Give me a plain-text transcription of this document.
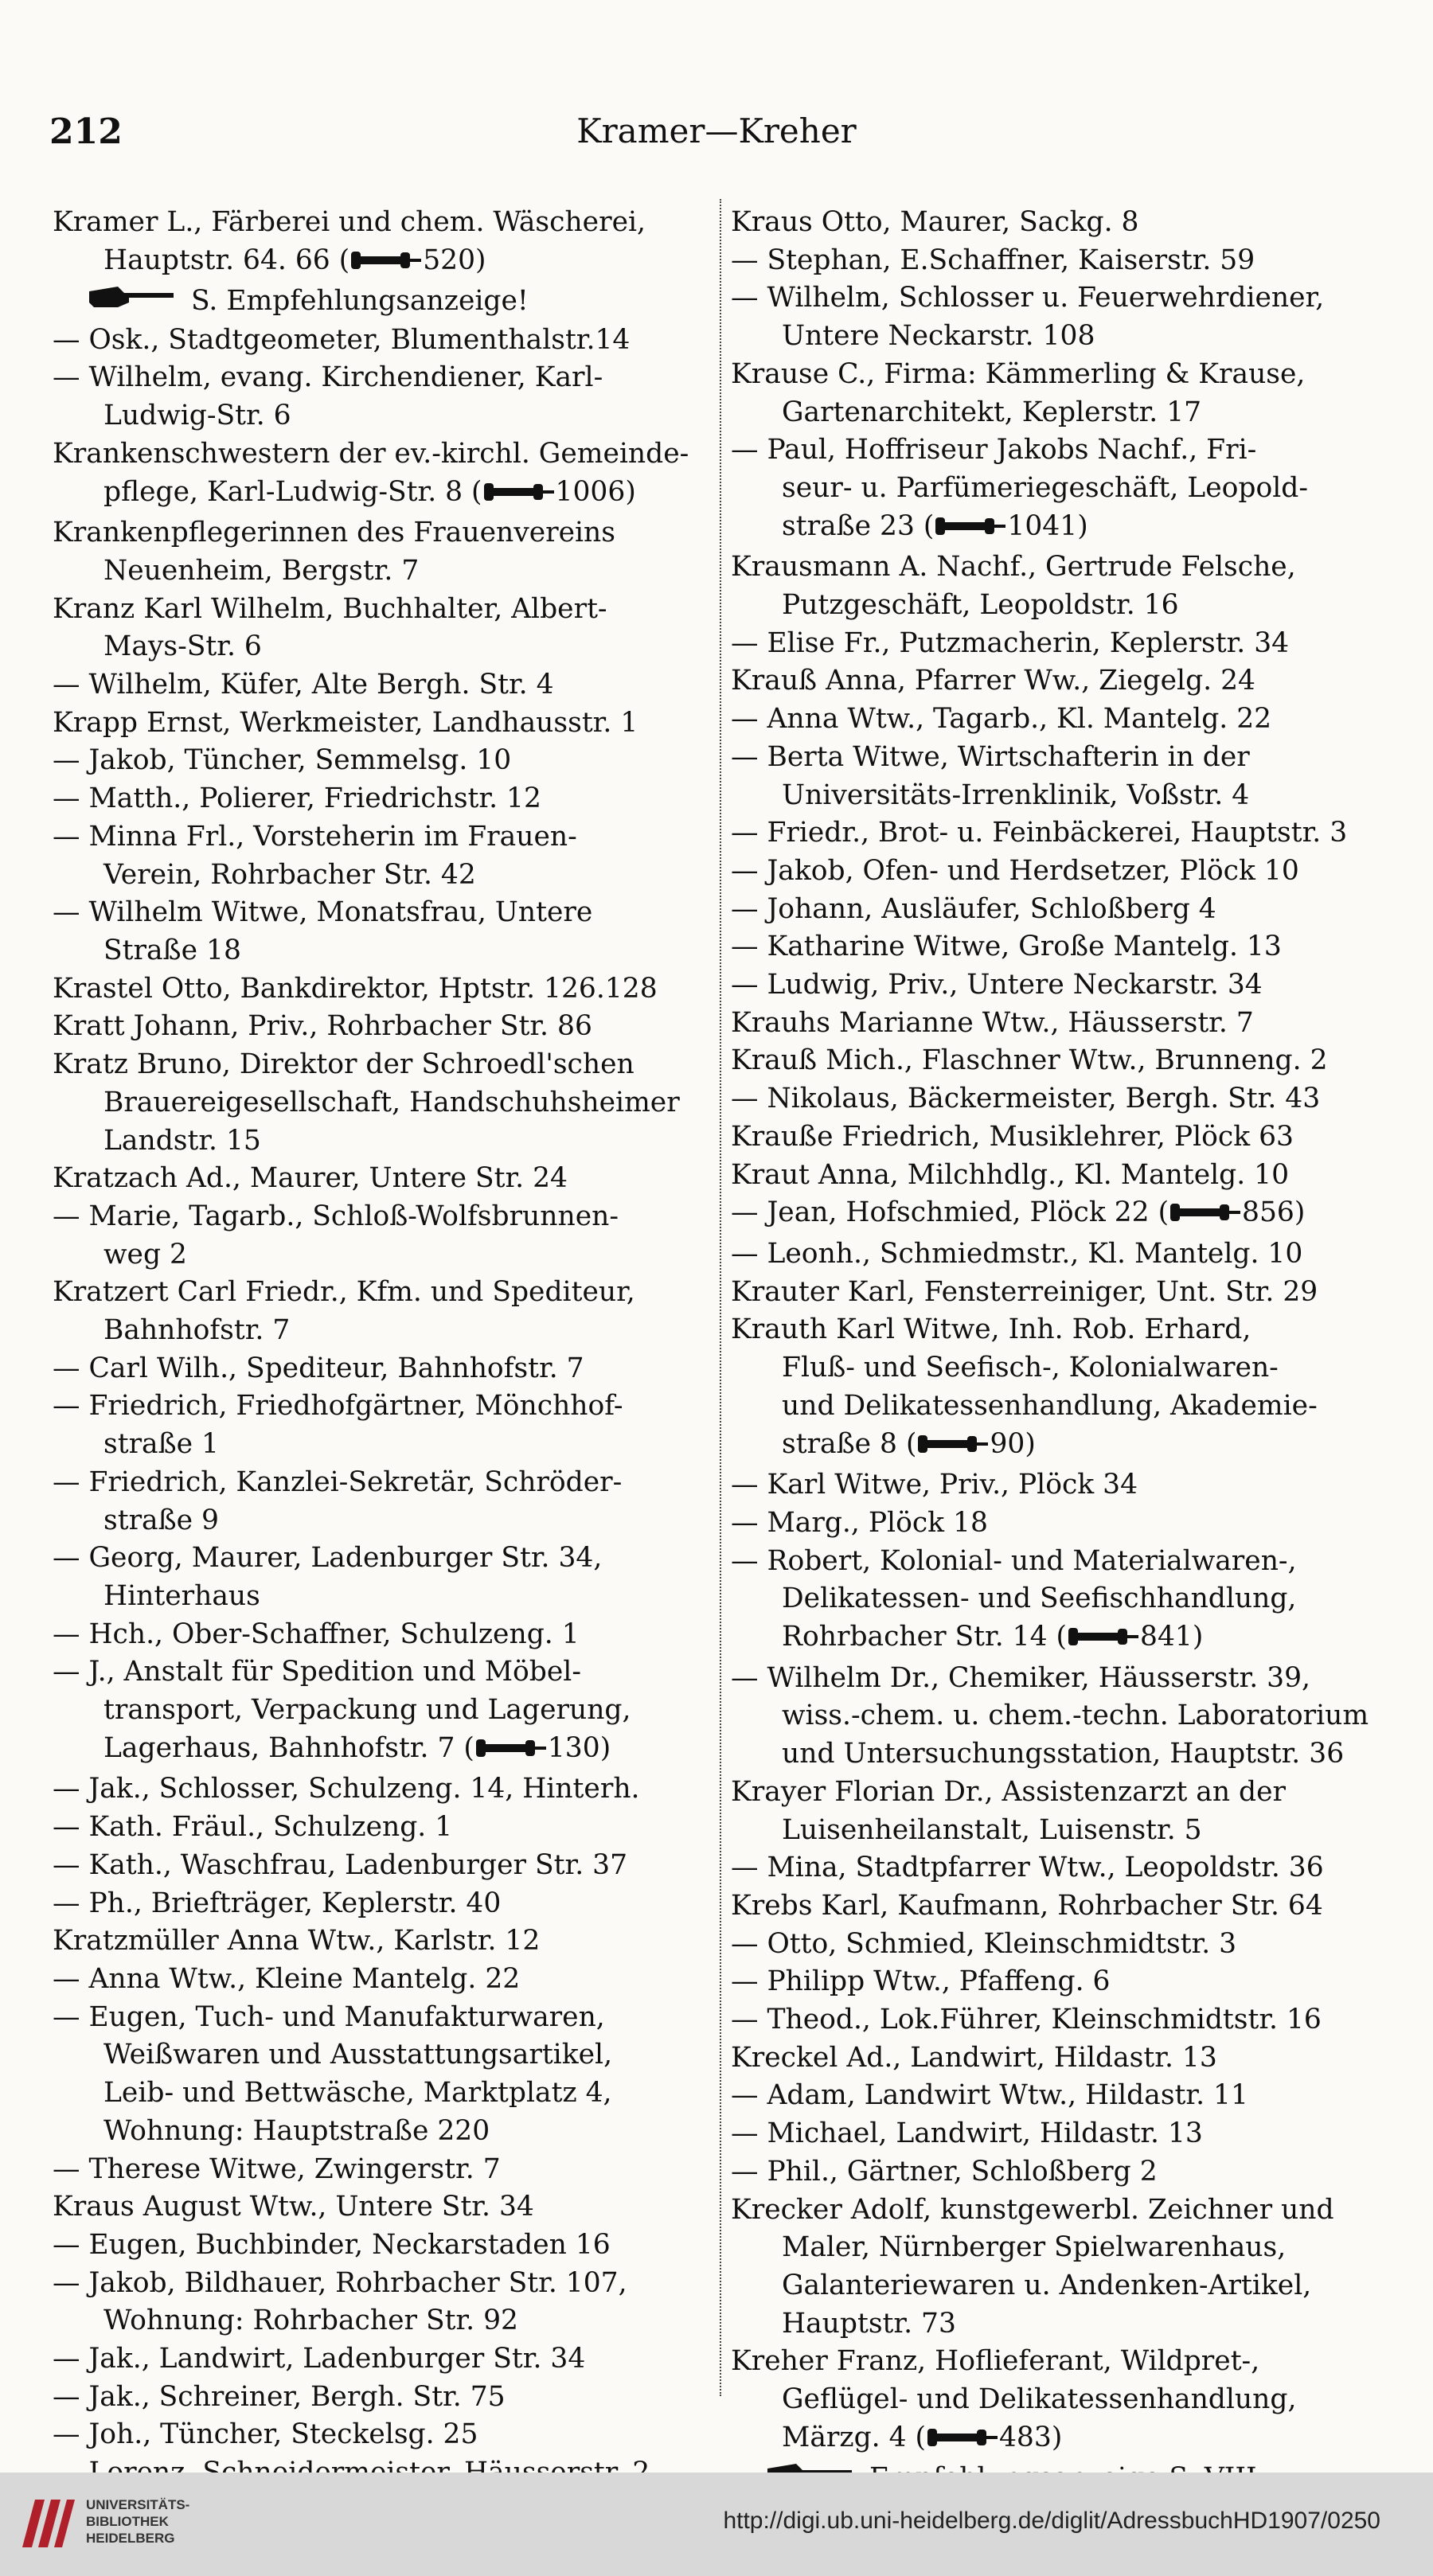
Kramer—Kreher
212
Kramer L., Färberei und chem. Wäscherei,
Hauptstr. 64. 66 (	520)
S. Empfehlungsanzeige!
— Osk., Stadtgeometer, Blumenthalstr.14
— Wilhelm, evang. Kirchendiener, Karl-
Ludwig-Str. 6
Krankenschwestern der ev.-kirchl. Gemeinde-
pflege, Karl-Ludwig-Str. 8 (	1006)
Krankenpflegerinnen des Frauenvereins
Neuenheim, Bergstr. 7
Kranz Karl Wilhelm, Buchhalter, Albert-
Mays-Str. 6
— Wilhelm, Küfer, Alte Bergh. Str. 4
Krapp Ernst, Werkmeister, Landhausstr. 1
— Jakob, Tüncher, Semmelsg. 10
— Matth., Polierer, Friedrichstr. 12
— Minna Frl., Vorsteherin im Frauen-
Verein, Rohrbacher Str. 42
— Wilhelm Witwe, Monatsfrau, Untere
Straße 18
Krastel Otto, Bankdirektor, Hptstr. 126.128
Kratt Johann, Priv., Rohrbacher Str. 86
Kratz Bruno, Direktor der Schroedl'schen
Brauereigesellschaft, Handschuhsheimer
Landstr. 15
Kratzach Ad., Maurer, Untere Str. 24
— Marie, Tagarb., Schloß-Wolfsbrunnen-
weg 2
Kratzert Carl Friedr., Kfm. und Spediteur,
Bahnhofstr. 7
— Carl Wilh., Spediteur, Bahnhofstr. 7
— Friedrich, Friedhofgärtner, Mönchhof-
straße 1
— Friedrich, Kanzlei-Sekretär, Schröder-
straße 9
— Georg, Maurer, Ladenburger Str. 34,
Hinterhaus
— Hch., Ober-Schaffner, Schulzeng. 1
— J., Anstalt für Spedition und Möbel-
transport, Verpackung und Lagerung,
Lagerhaus, Bahnhofstr. 7 (	130)
— Jak., Schlosser, Schulzeng. 14, Hinterh.
— Kath. Fräul., Schulzeng. 1
— Kath., Waschfrau, Ladenburger Str. 37
— Ph., Briefträger, Keplerstr. 40
Kratzmüller Anna Wtw., Karlstr. 12
— Anna Wtw., Kleine Mantelg. 22
— Eugen, Tuch- und Manufakturwaren,
Weißwaren und Ausstattungsartikel,
Leib- und Bettwäsche, Marktplatz 4,
Wohnung: Hauptstraße 220
— Therese Witwe, Zwingerstr. 7
Kraus August Wtw., Untere Str. 34
— Eugen, Buchbinder, Neckarstaden 16
— Jakob, Bildhauer, Rohrbacher Str. 107,
Wohnung: Rohrbacher Str. 92
— Jak., Landwirt, Ladenburger Str. 34
— Jak., Schreiner, Bergh. Str. 75
— Joh., Tüncher, Steckelsg. 25
Kraus Otto, Maurer, Sackg. 8
— Stephan, E.Schaffner, Kaiserstr. 59
— Wilhelm, Schlosser u. Feuerwehrdiener,
Untere Neckarstr. 108
Krause C., Firma: Kämmerling & Krause,
Gartenarchitekt, Keplerstr. 17
— Paul, Hoffriseur Jakobs Nachf., Fri-
seur- u. Parfümeriegeschäft, Leopold-
straße 23 (	1041)
Krausmann A. Nachf., Gertrude Felsche,
Putzgeschäft, Leopoldstr. 16
— Elise Fr., Putzmacherin, Keplerstr. 34
Krauß Anna, Pfarrer Ww., Ziegelg. 24
— Anna Wtw., Tagarb., Kl. Mantelg. 22
— Berta Witwe, Wirtschafterin in der
Universitäts-Irrenklinik, Voßstr. 4
— Friedr., Brot- u. Feinbäckerei, Hauptstr. 3
— Jakob, Ofen- und Herdsetzer, Plöck 10
— Johann, Ausläufer, Schloßberg 4
— Katharine Witwe, Große Mantelg. 13
— Ludwig, Priv., Untere Neckarstr. 34
Krauhs Marianne Wtw., Häusserstr. 7
Krauß Mich., Flaschner Wtw., Brunneng. 2
— Nikolaus, Bäckermeister, Bergh. Str. 43
Krauße Friedrich, Musiklehrer, Plöck 63
Kraut Anna, Milchhdlg., Kl. Mantelg. 10
— Jean, Hofschmied, Plöck 22 (	856)
— Leonh., Schmiedmstr., Kl. Mantelg. 10
Krauter Karl, Fensterreiniger, Unt. Str. 29
Krauth Karl Witwe, Inh. Rob. Erhard,
Fluß- und Seefisch-, Kolonialwaren-
und Delikatessenhandlung, Akademie-
straße 8 (	90)
— Karl Witwe, Priv., Plöck 34
— Marg., Plöck 18
— Robert, Kolonial- und Materialwaren-,
Delikatessen- und Seefischhandlung,
Rohrbacher Str. 14 (	841)
— Wilhelm Dr., Chemiker, Häusserstr. 39,
wiss.-chem. u. chem.-techn. Laboratorium
und Untersuchungsstation, Hauptstr. 36
Krayer Florian Dr., Assistenzarzt an der
Luisenheilanstalt, Luisenstr. 5
— Mina, Stadtpfarrer Wtw., Leopoldstr. 36
Krebs Karl, Kaufmann, Rohrbacher Str. 64
— Otto, Schmied, Kleinschmidtstr. 3
— Philipp Wtw., Pfaffeng. 6
— Theod., Lok.Führer, Kleinschmidtstr. 16
Kreckel Ad., Landwirt, Hildastr. 13
— Adam, Landwirt Wtw., Hildastr. 11
— Michael, Landwirt, Hildastr. 13
— Phil., Gärtner, Schloßberg 2
Krecker Adolf, kunstgewerbl. Zeichner und
Maler, Nürnberger Spielwarenhaus,
Galanteriewaren u. Andenken-Artikel,
Hauptstr. 73
Kreher Franz, Hoflieferant, Wildpret-,
Geflügel- und Delikatessenhandlung,
Märzg. 4 (	483)
UNIVERSITÄTS-
BIBLIOTHEK
HEIDELBERG
http://digi.ub.uni-heidelberg.de/diglit/AdressbuchHD1907/0250
